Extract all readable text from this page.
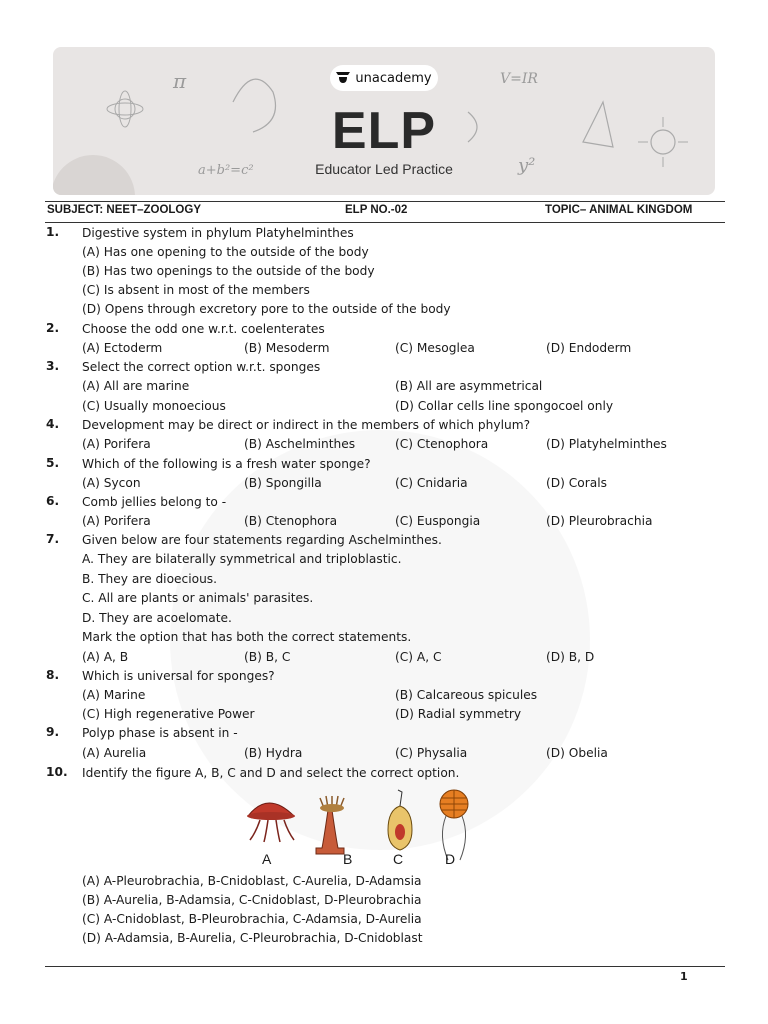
π	V=IR
a+b²=c²	y²
unacademy
ELP
Educator Led Practice
SUBJECT: NEET–ZOOLOGY	ELP NO.-02	TOPIC– ANIMAL KINGDOM
1. Digestive system in phylum Platyhelminthes
(A) Has one opening to the outside of the body
(B) Has two openings to the outside of the body
(C) Is absent in most of the members
(D) Opens through excretory pore to the outside of the body
2. Choose the odd one w.r.t. coelenterates
(A) Ectoderm	(B) Mesoderm	(C) Mesoglea	(D) Endoderm
3. Select the correct option w.r.t. sponges
(A) All are marine	(B) All are asymmetrical
(C) Usually monoecious	(D) Collar cells line spongocoel only
4. Development may be direct or indirect in the members of which phylum?
(A) Porifera	(B) Aschelminthes	(C) Ctenophora	(D) Platyhelminthes
5. Which of the following is a fresh water sponge?
(A) Sycon	(B) Spongilla	(C) Cnidaria	(D) Corals
6. Comb jellies belong to -
(A) Porifera	(B) Ctenophora	(C) Euspongia	(D) Pleurobrachia
7. Given below are four statements regarding Aschelminthes.
A. They are bilaterally symmetrical and triploblastic.
B. They are dioecious.
C. All are plants or animals' parasites.
D. They are acoelomate.
Mark the option that has both the correct statements.
(A) A, B	(B) B, C	(C) A, C	(D) B, D
8. Which is universal for sponges?
(A) Marine	(B) Calcareous spicules
(C) High regenerative Power	(D) Radial symmetry
9. Polyp phase is absent in -
(A) Aurelia	(B) Hydra	(C) Physalia	(D) Obelia
10. Identify the figure A, B, C and D and select the correct option.
A	B	C	D
(A) A-Pleurobrachia, B-Cnidoblast, C-Aurelia, D-Adamsia
(B) A-Aurelia, B-Adamsia, C-Cnidoblast, D-Pleurobrachia
(C) A-Cnidoblast, B-Pleurobrachia, C-Adamsia, D-Aurelia
(D) A-Adamsia, B-Aurelia, C-Pleurobrachia, D-Cnidoblast
1
